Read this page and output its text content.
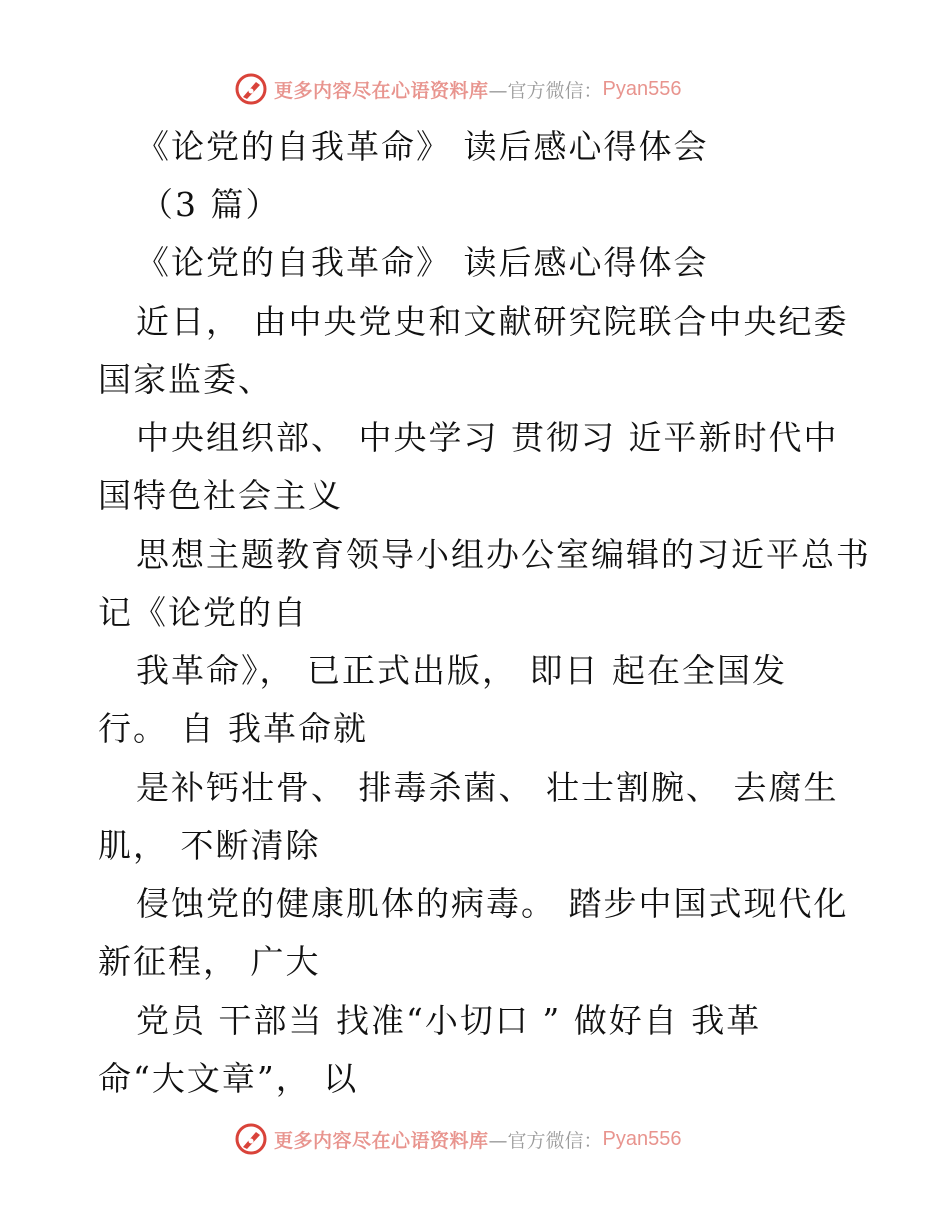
更多内容尽在心语资料库 —官方微信： Pyan556
《论党的自我革命》 读后感心得体会
（3 篇）
《论党的自我革命》 读后感心得体会
近日， 由中央党史和文献研究院联合中央纪委
国家监委、
中央组织部、 中央学习 贯彻习 近平新时代中
国特色社会主义
思想主题教育领导小组办公室编辑的习近平总书
记《论党的自
我革命》， 已正式出版， 即日 起在全国发
行。 自 我革命就
是补钙壮骨、 排毒杀菌、 壮士割腕、 去腐生
肌， 不断清除
侵蚀党的健康肌体的病毒。 踏步中国式现代化
新征程， 广大
党员 干部当 找准“小切口 ” 做好自 我革
命“大文章”， 以
更多内容尽在心语资料库 —官方微信： Pyan556
